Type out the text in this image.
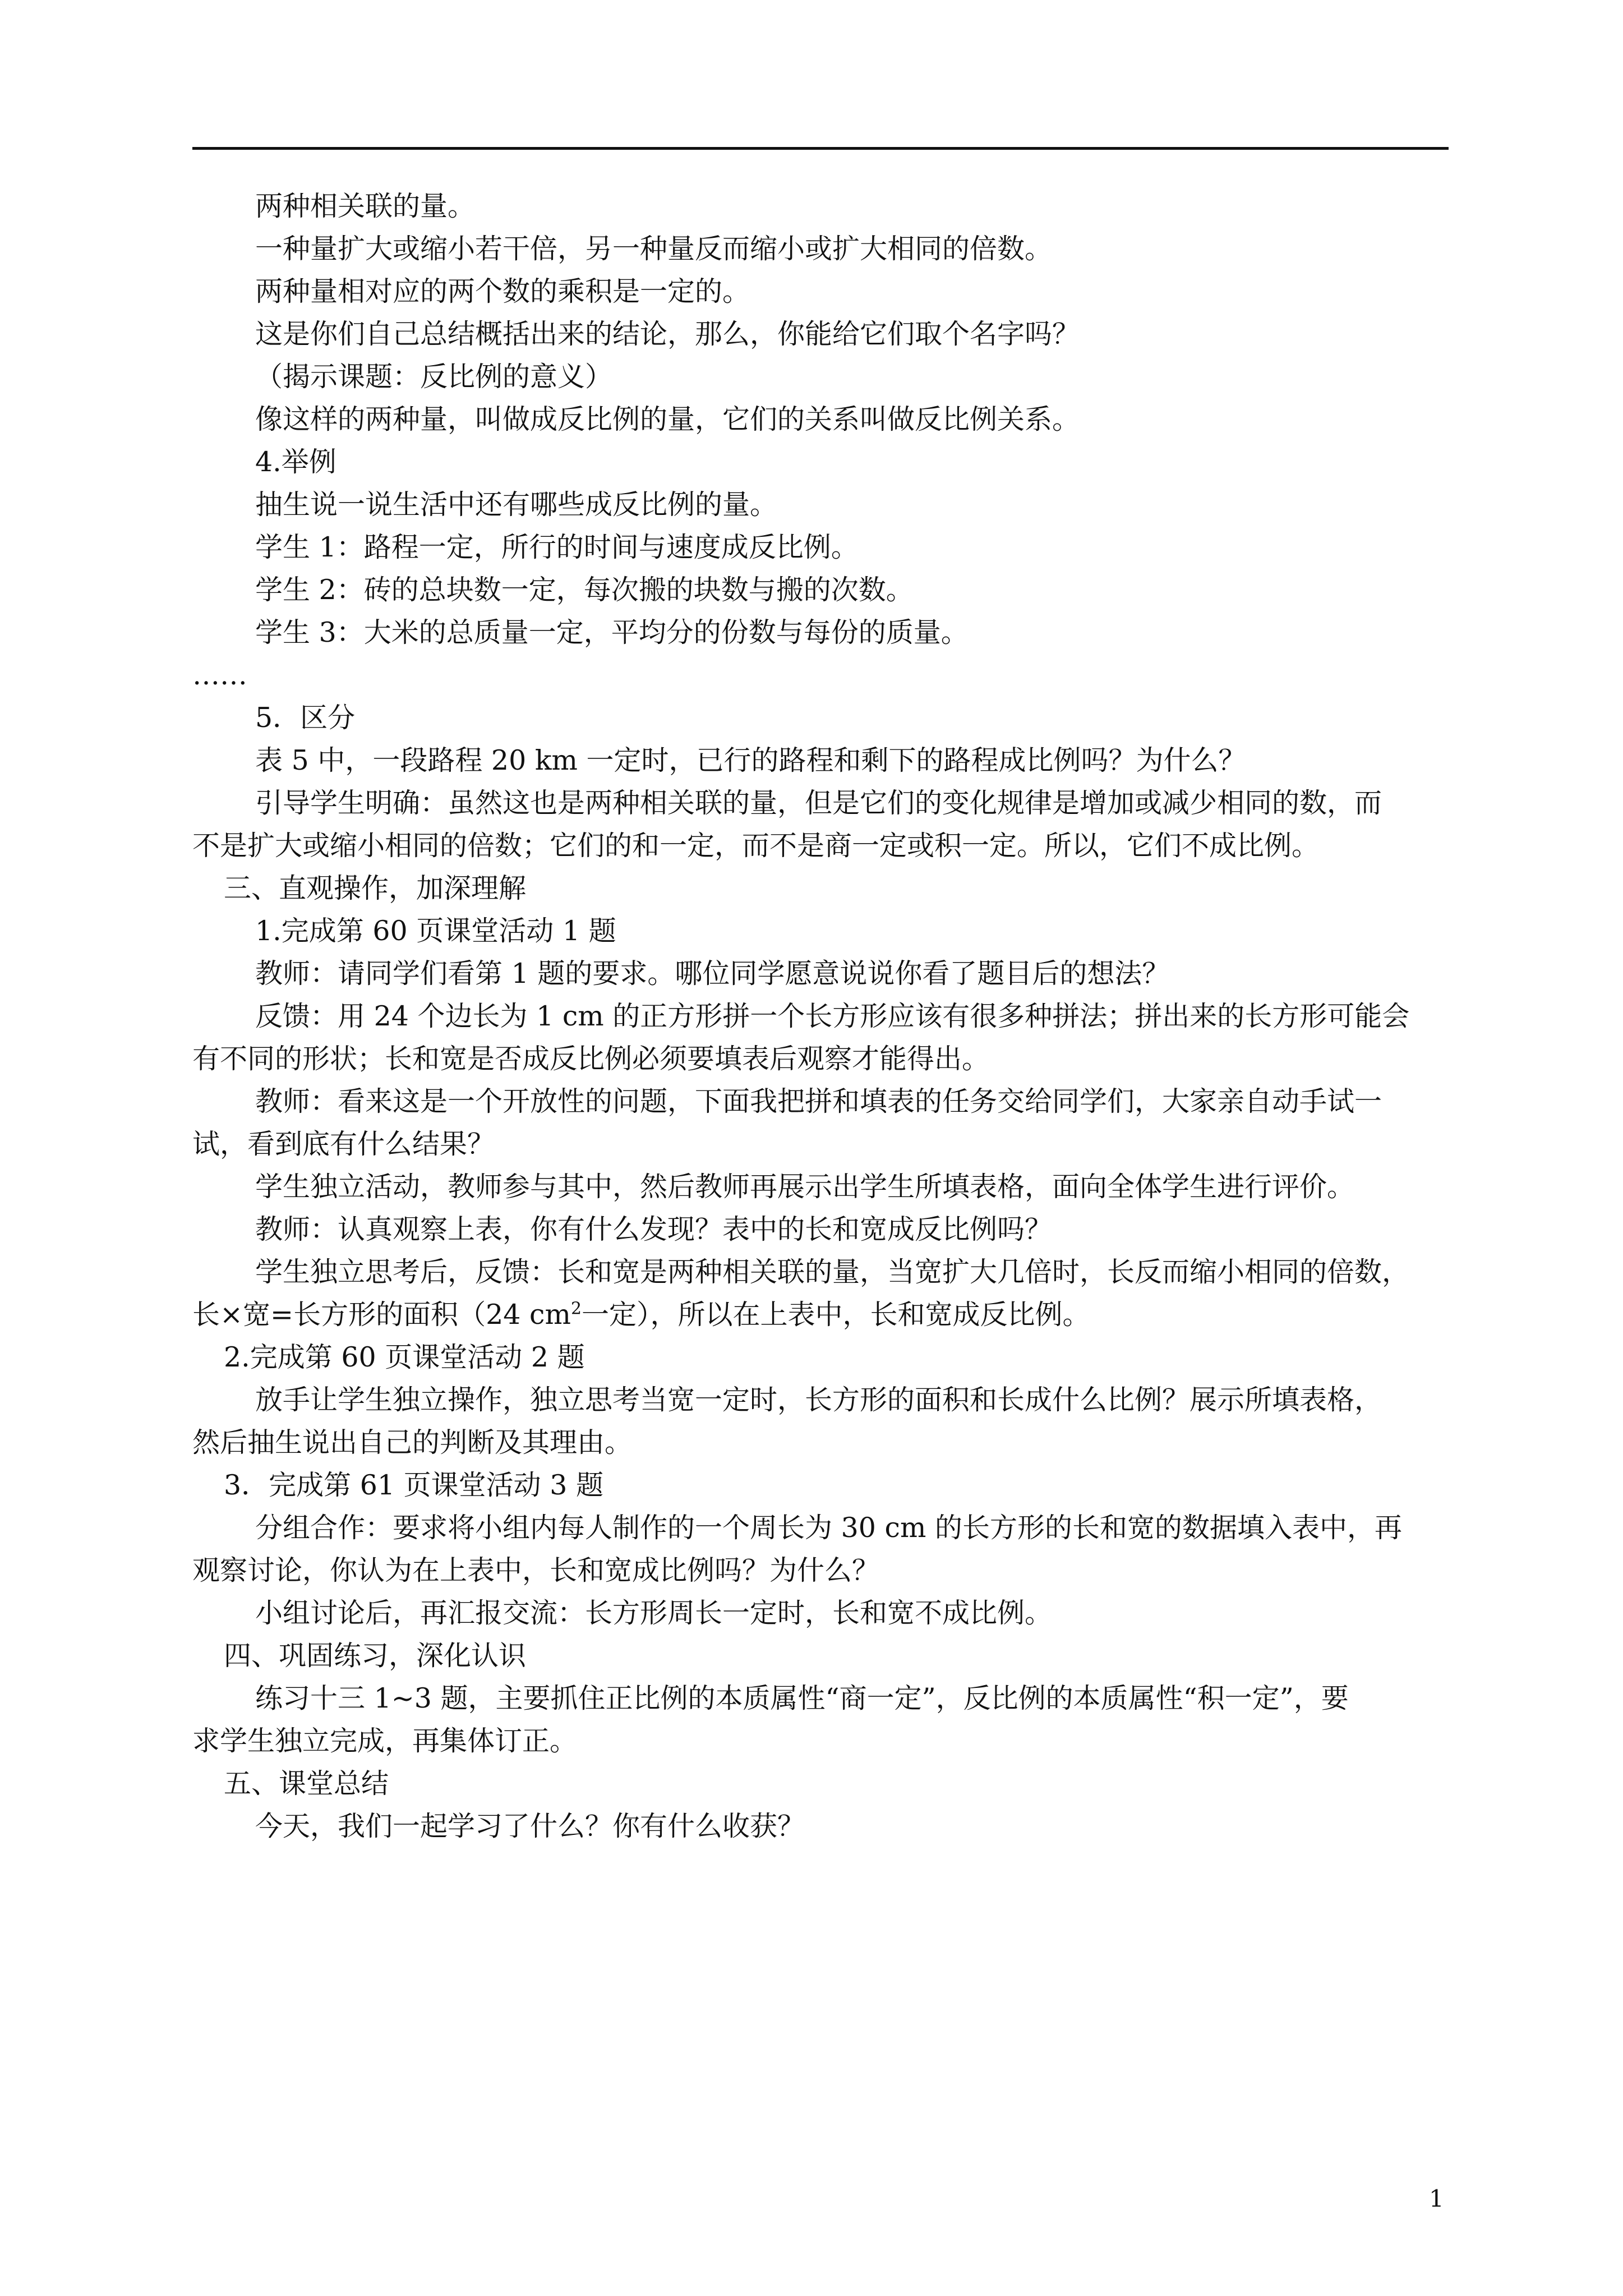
两种相关联的量。
一种量扩大或缩小若干倍，另一种量反而缩小或扩大相同的倍数。
两种量相对应的两个数的乘积是一定的。
这是你们自己总结概括出来的结论，那么，你能给它们取个名字吗？
（揭示课题：反比例的意义）
像这样的两种量，叫做成反比例的量，它们的关系叫做反比例关系。
4.举例
抽生说一说生活中还有哪些成反比例的量。
学生 1：路程一定，所行的时间与速度成反比例。
学生 2：砖的总块数一定，每次搬的块数与搬的次数。
学生 3：大米的总质量一定，平均分的份数与每份的质量。
……
5．区分
表 5 中，一段路程 20 km 一定时，已行的路程和剩下的路程成比例吗？为什么？
引导学生明确：虽然这也是两种相关联的量，但是它们的变化规律是增加或减少相同的数，而
不是扩大或缩小相同的倍数；它们的和一定，而不是商一定或积一定。所以，它们不成比例。
三、直观操作，加深理解
1.完成第 60 页课堂活动 1 题
教师：请同学们看第 1 题的要求。哪位同学愿意说说你看了题目后的想法？
反馈：用 24 个边长为 1 cm 的正方形拼一个长方形应该有很多种拼法；拼出来的长方形可能会
有不同的形状；长和宽是否成反比例必须要填表后观察才能得出。
教师：看来这是一个开放性的问题，下面我把拼和填表的任务交给同学们，大家亲自动手试一
试，看到底有什么结果？
学生独立活动，教师参与其中，然后教师再展示出学生所填表格，面向全体学生进行评价。
教师：认真观察上表，你有什么发现？表中的长和宽成反比例吗？
学生独立思考后，反馈：长和宽是两种相关联的量，当宽扩大几倍时，长反而缩小相同的倍数，
长×宽=长方形的面积（24 $cm^2$一定），所以在上表中，长和宽成反比例。
2.完成第 60 页课堂活动 2 题
放手让学生独立操作，独立思考当宽一定时，长方形的面积和长成什么比例？展示所填表格，
然后抽生说出自己的判断及其理由。
3．完成第 61 页课堂活动 3 题
分组合作：要求将小组内每人制作的一个周长为 30 cm 的长方形的长和宽的数据填入表中，再
观察讨论，你认为在上表中，长和宽成比例吗？为什么？
小组讨论后，再汇报交流：长方形周长一定时，长和宽不成比例。
四、巩固练习，深化认识
练习十三 1~3 题，主要抓住正比例的本质属性“商一定”，反比例的本质属性“积一定”，要
求学生独立完成，再集体订正。
五、课堂总结
今天，我们一起学习了什么？你有什么收获？
1
